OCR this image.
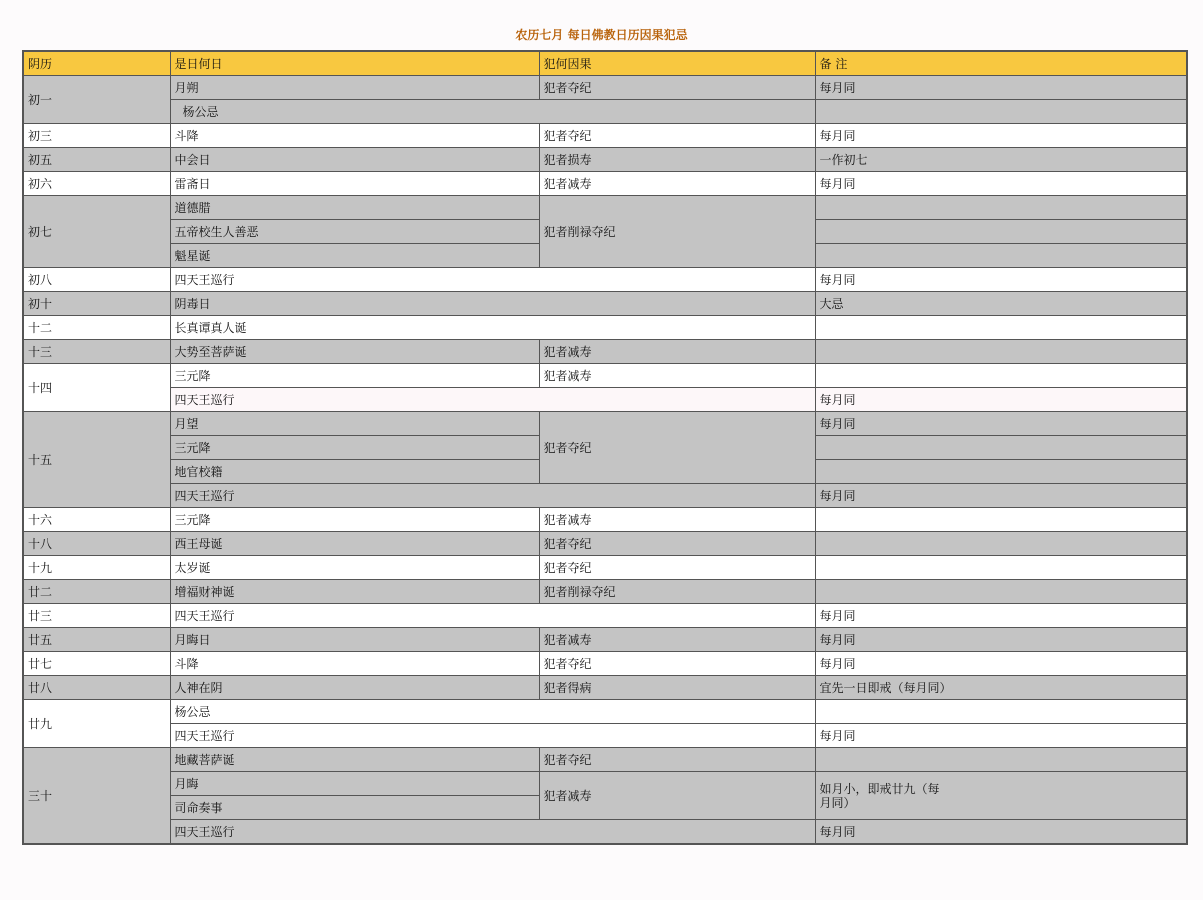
农历七月 每日佛教日历因果犯忌
阴历	是日何日	犯何因果	备 注
初一	月朔	犯者夺纪	每月同
	杨公忌		
初三	斗降	犯者夺纪	每月同
初五	中会日	犯者损寿	一作初七
初六	雷斋日	犯者减寿	每月同
初七	道德腊	犯者削禄夺纪	
	五帝校生人善恶		
	魁星诞		
初八	四天王巡行		每月同
初十	阴毒日		大忌
十二	长真谭真人诞		
十三	大势至菩萨诞	犯者减寿	
十四	三元降	犯者减寿	
	四天王巡行		每月同
十五	月望	犯者夺纪	每月同
	三元降		
	地官校籍		
	四天王巡行		每月同
十六	三元降	犯者减寿	
十八	西王母诞	犯者夺纪	
十九	太岁诞	犯者夺纪	
廿二	增福财神诞	犯者削禄夺纪	
廿三	四天王巡行		每月同
廿五	月晦日	犯者减寿	每月同
廿七	斗降	犯者夺纪	每月同
廿八	人神在阴	犯者得病	宜先一日即戒（每月同）
廿九	杨公忌		
	四天王巡行		每月同
三十	地藏菩萨诞	犯者夺纪	
	月晦	犯者减寿	如月小，即戒廿九（每月同）
	司命奏事		
	四天王巡行		每月同
